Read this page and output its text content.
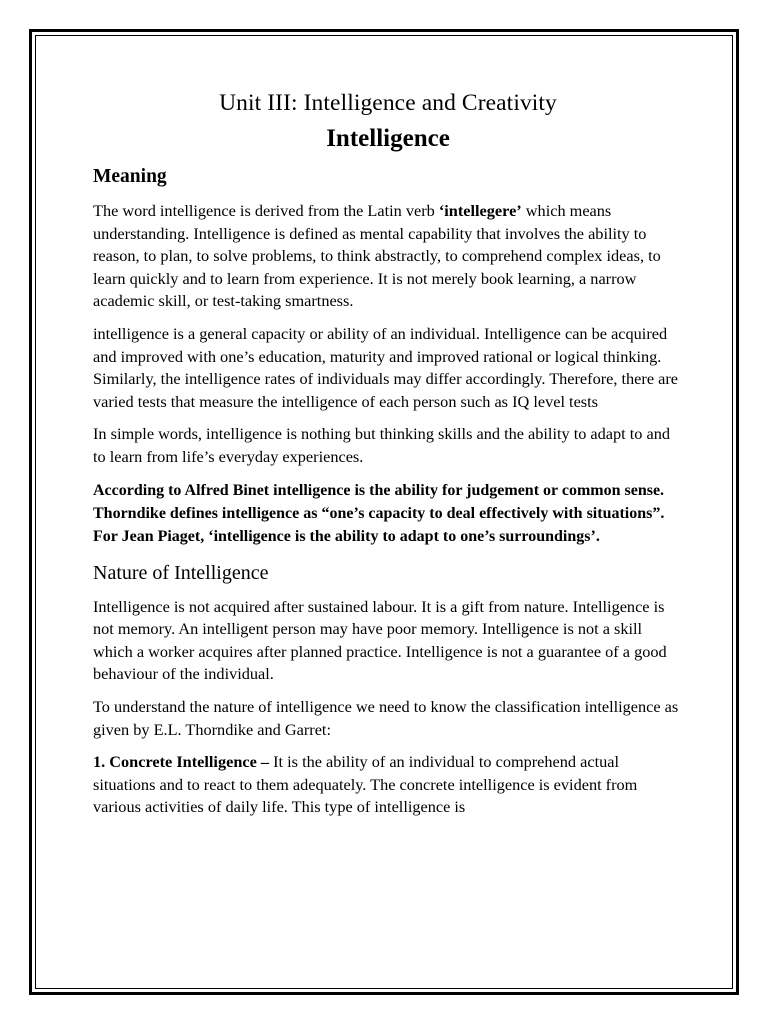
Unit III: Intelligence and Creativity
Intelligence
Meaning

The word intelligence is derived from the Latin verb ‘intellegere’ which means understanding. Intelligence is defined as mental capability that involves the ability to reason, to plan, to solve problems, to think abstractly, to comprehend complex ideas, to learn quickly and to learn from experience. It is not merely book learning, a narrow academic skill, or test-taking smartness.

intelligence is a general capacity or ability of an individual. Intelligence can be acquired and improved with one’s education, maturity and improved rational or logical thinking. Similarly, the intelligence rates of individuals may differ accordingly. Therefore, there are varied tests that measure the intelligence of each person such as IQ level tests

In simple words, intelligence is nothing but thinking skills and the ability to adapt to and to learn from life’s everyday experiences.

According to Alfred Binet intelligence is the ability for judgement or common sense. Thorndike defines intelligence as “one’s capacity to deal effectively with situations”. For Jean Piaget, ‘intelligence is the ability to adapt to one’s surroundings’.

Nature of Intelligence

Intelligence is not acquired after sustained labour. It is a gift from nature. Intelligence is not memory. An intelligent person may have poor memory. Intelligence is not a skill which a worker acquires after planned practice. Intelligence is not a guarantee of a good behaviour of the individual.

To understand the nature of intelligence we need to know the classification intelligence as given by E.L. Thorndike and Garret:

1. Concrete Intelligence – It is the ability of an individual to comprehend actual situations and to react to them adequately. The concrete intelligence is evident from various activities of daily life. This type of intelligence is
